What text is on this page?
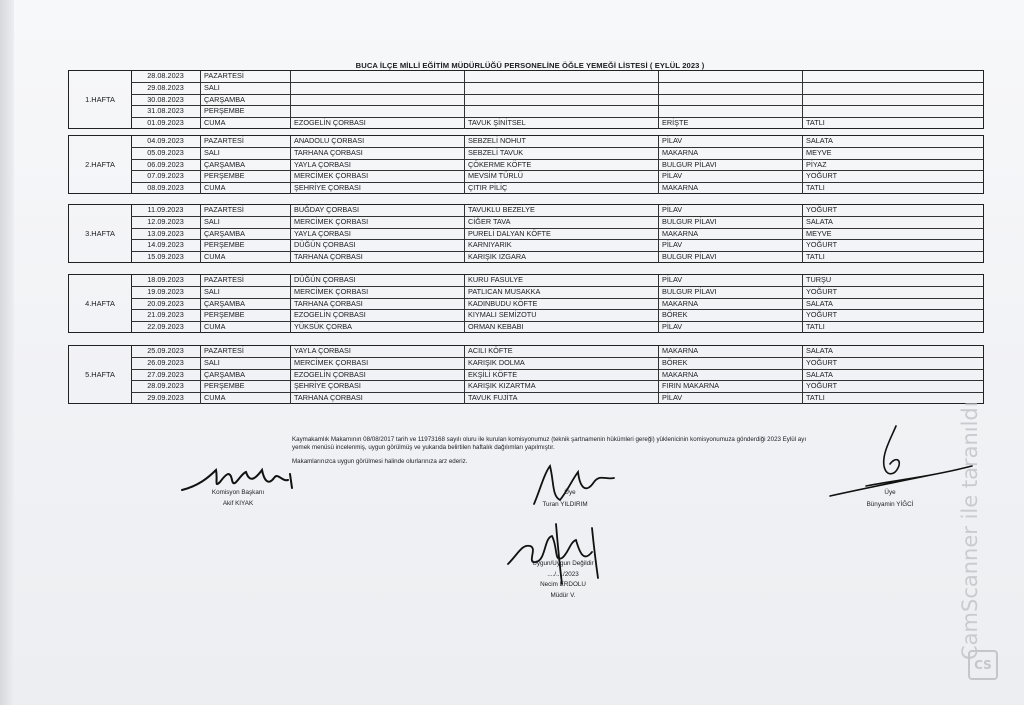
BUCA İLÇE MİLLİ EĞİTİM MÜDÜRLÜĞÜ PERSONELİNE ÖĞLE YEMEĞİ LİSTESİ ( EYLÜL 2023 )
1.HAFTA
28.08.2023	PAZARTESİ
29.08.2023	SALI
30.08.2023	ÇARŞAMBA
31.08.2023	PERŞEMBE
01.09.2023	CUMA	EZOGELİN ÇORBASI	TAVUK ŞİNİTSEL	ERİŞTE	TATLI
2.HAFTA
04.09.2023	PAZARTESİ	ANADOLU ÇORBASI	SEBZELİ NOHUT	PİLAV	SALATA
05.09.2023	SALI	TARHANA ÇORBASI	SEBZELİ TAVUK	MAKARNA	MEYVE
06.09.2023	ÇARŞAMBA	YAYLA ÇORBASI	ÇÖKERME KÖFTE	BULGUR PİLAVI	PİYAZ
07.09.2023	PERŞEMBE	MERCİMEK ÇORBASI	MEVSİM TÜRLÜ	PİLAV	YOĞURT
08.09.2023	CUMA	ŞEHRİYE ÇORBASI	ÇITIR PİLİÇ	MAKARNA	TATLI
3.HAFTA
11.09.2023	PAZARTESİ	BUĞDAY ÇORBASI	TAVUKLU BEZELYE	PİLAV	YOĞURT
12.09.2023	SALI	MERCİMEK ÇORBASI	CİĞER TAVA	BULGUR PİLAVI	SALATA
13.09.2023	ÇARŞAMBA	YAYLA ÇORBASI	PURELİ DALYAN KÖFTE	MAKARNA	MEYVE
14.09.2023	PERŞEMBE	DÜĞÜN ÇORBASI	KARNIYARIK	PİLAV	YOĞURT
15.09.2023	CUMA	TARHANA ÇORBASI	KARIŞIK IZGARA	BULGUR PİLAVI	TATLI
4.HAFTA
18.09.2023	PAZARTESİ	DÜĞÜN ÇORBASI	KURU FASULYE	PİLAV	TURŞU
19.09.2023	SALI	MERCİMEK ÇORBASI	PATLICAN MUSAKKA	BULGUR PİLAVI	YOĞURT
20.09.2023	ÇARŞAMBA	TARHANA ÇORBASI	KADINBUDU KÖFTE	MAKARNA	SALATA
21.09.2023	PERŞEMBE	EZOGELİN ÇORBASI	KIYMALI SEMİZOTU	BÖREK	YOĞURT
22.09.2023	CUMA	YÜKSÜK ÇORBA	ORMAN KEBABI	PİLAV	TATLI
5.HAFTA
25.09.2023	PAZARTESİ	YAYLA ÇORBASI	ACILI KÖFTE	MAKARNA	SALATA
26.09.2023	SALI	MERCİMEK ÇORBASI	KARIŞIK DOLMA	BÖREK	YOĞURT
27.09.2023	ÇARŞAMBA	EZOGELİN ÇORBASI	EKŞİLİ KÖFTE	MAKARNA	SALATA
28.09.2023	PERŞEMBE	ŞEHRİYE ÇORBASI	KARIŞIK KIZARTMA	FIRIN MAKARNA	YOĞURT
29.09.2023	CUMA	TARHANA ÇORBASI	TAVUK FUJİTA	PİLAV	TATLI
Kaymakamlık Makamının 08/08/2017 tarih ve 11973168 sayılı oluru ile kurulan komisyonumuz (teknik şartnamenin hükümleri gereği) yüklenicinin komisyonumuza gönderdiği 2023 Eylül ayı
yemek menüsü incelenmiş, uygun görülmüş ve yukarıda belirtilen haftalık dağılımları yapılmıştır.
Makamlarınızca uygun görülmesi halinde olurlarınıza arz ederiz.
Komisyon Başkanı
Akif KIYAK
Üye
Turan YILDIRIM
Üye
Bünyamin YİĞCİ
Uygun/Uygun Değildir
..../..../2023
Necim ERDOLU
Müdür V.	CamScanner ile taranıldı
CS
